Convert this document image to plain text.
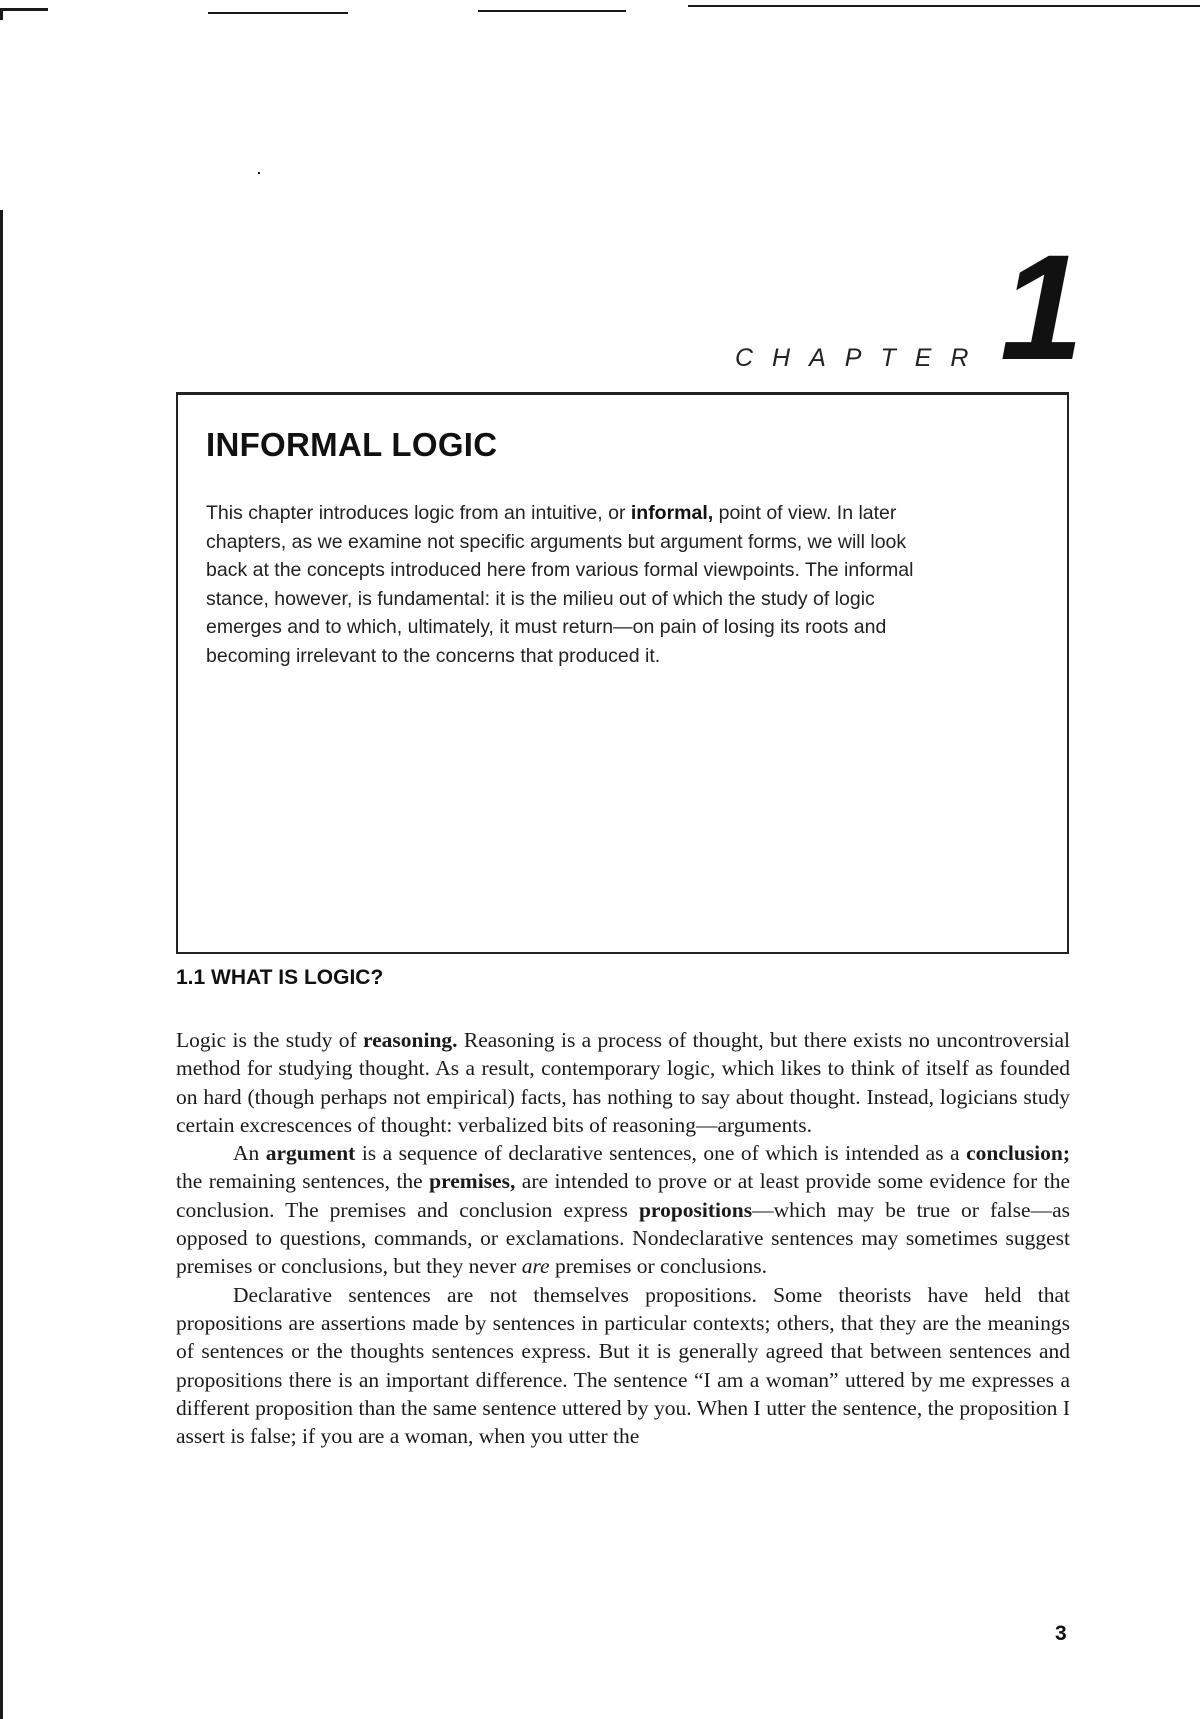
CHAPTER 1
INFORMAL LOGIC

This chapter introduces logic from an intuitive, or informal, point of view. In later chapters, as we examine not specific arguments but argument forms, we will look back at the concepts introduced here from various formal viewpoints. The informal stance, however, is fundamental: it is the milieu out of which the study of logic emerges and to which, ultimately, it must return—on pain of losing its roots and becoming irrelevant to the concerns that produced it.

1.1 WHAT IS LOGIC?

Logic is the study of reasoning. Reasoning is a process of thought, but there exists no uncontroversial method for studying thought. As a result, contemporary logic, which likes to think of itself as founded on hard (though perhaps not empirical) facts, has nothing to say about thought. Instead, logicians study certain excrescences of thought: verbalized bits of reasoning—arguments.

An argument is a sequence of declarative sentences, one of which is intended as a conclusion; the remaining sentences, the premises, are intended to prove or at least provide some evidence for the conclusion. The premises and conclusion express propositions—which may be true or false—as opposed to questions, commands, or exclamations. Nondeclarative sentences may sometimes suggest premises or conclusions, but they never are premises or conclusions.

Declarative sentences are not themselves propositions. Some theorists have held that propositions are assertions made by sentences in particular contexts; others, that they are the meanings of sentences or the thoughts sentences express. But it is generally agreed that between sentences and propositions there is an important difference. The sentence “I am a woman” uttered by me expresses a different proposition than the same sentence uttered by you. When I utter the sentence, the proposition I assert is false; if you are a woman, when you utter the

3
